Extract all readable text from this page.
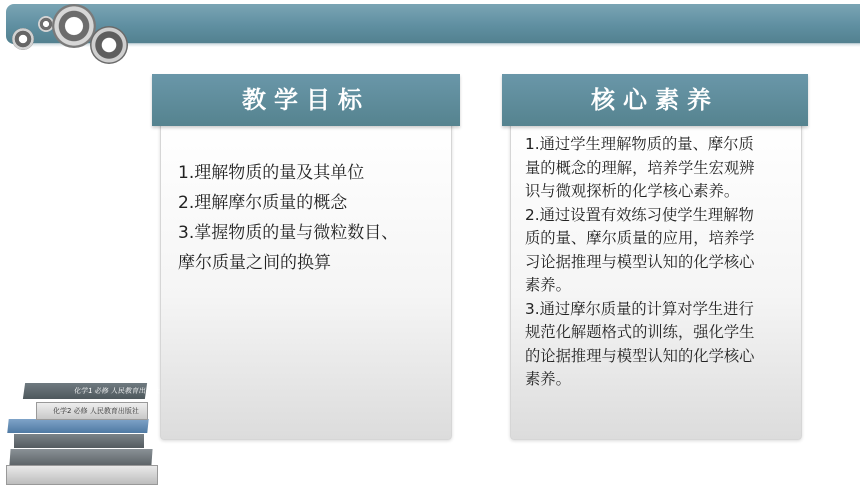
教学目标
1.理解物质的量及其单位
2.理解摩尔质量的概念
3.掌握物质的量与微粒数目、
摩尔质量之间的换算
核心素养
1.通过学生理解物质的量、摩尔质
量的概念的理解，培养学生宏观辨
识与微观探析的化学核心素养。
2.通过设置有效练习使学生理解物
质的量、摩尔质量的应用，培养学
习论据推理与模型认知的化学核心
素养。
3.通过摩尔质量的计算对学生进行
规范化解题格式的训练，强化学生
的论据推理与模型认知的化学核心
素养。
化学2 必修 人民教育出版社
化学1 必修 人民教育出版社
